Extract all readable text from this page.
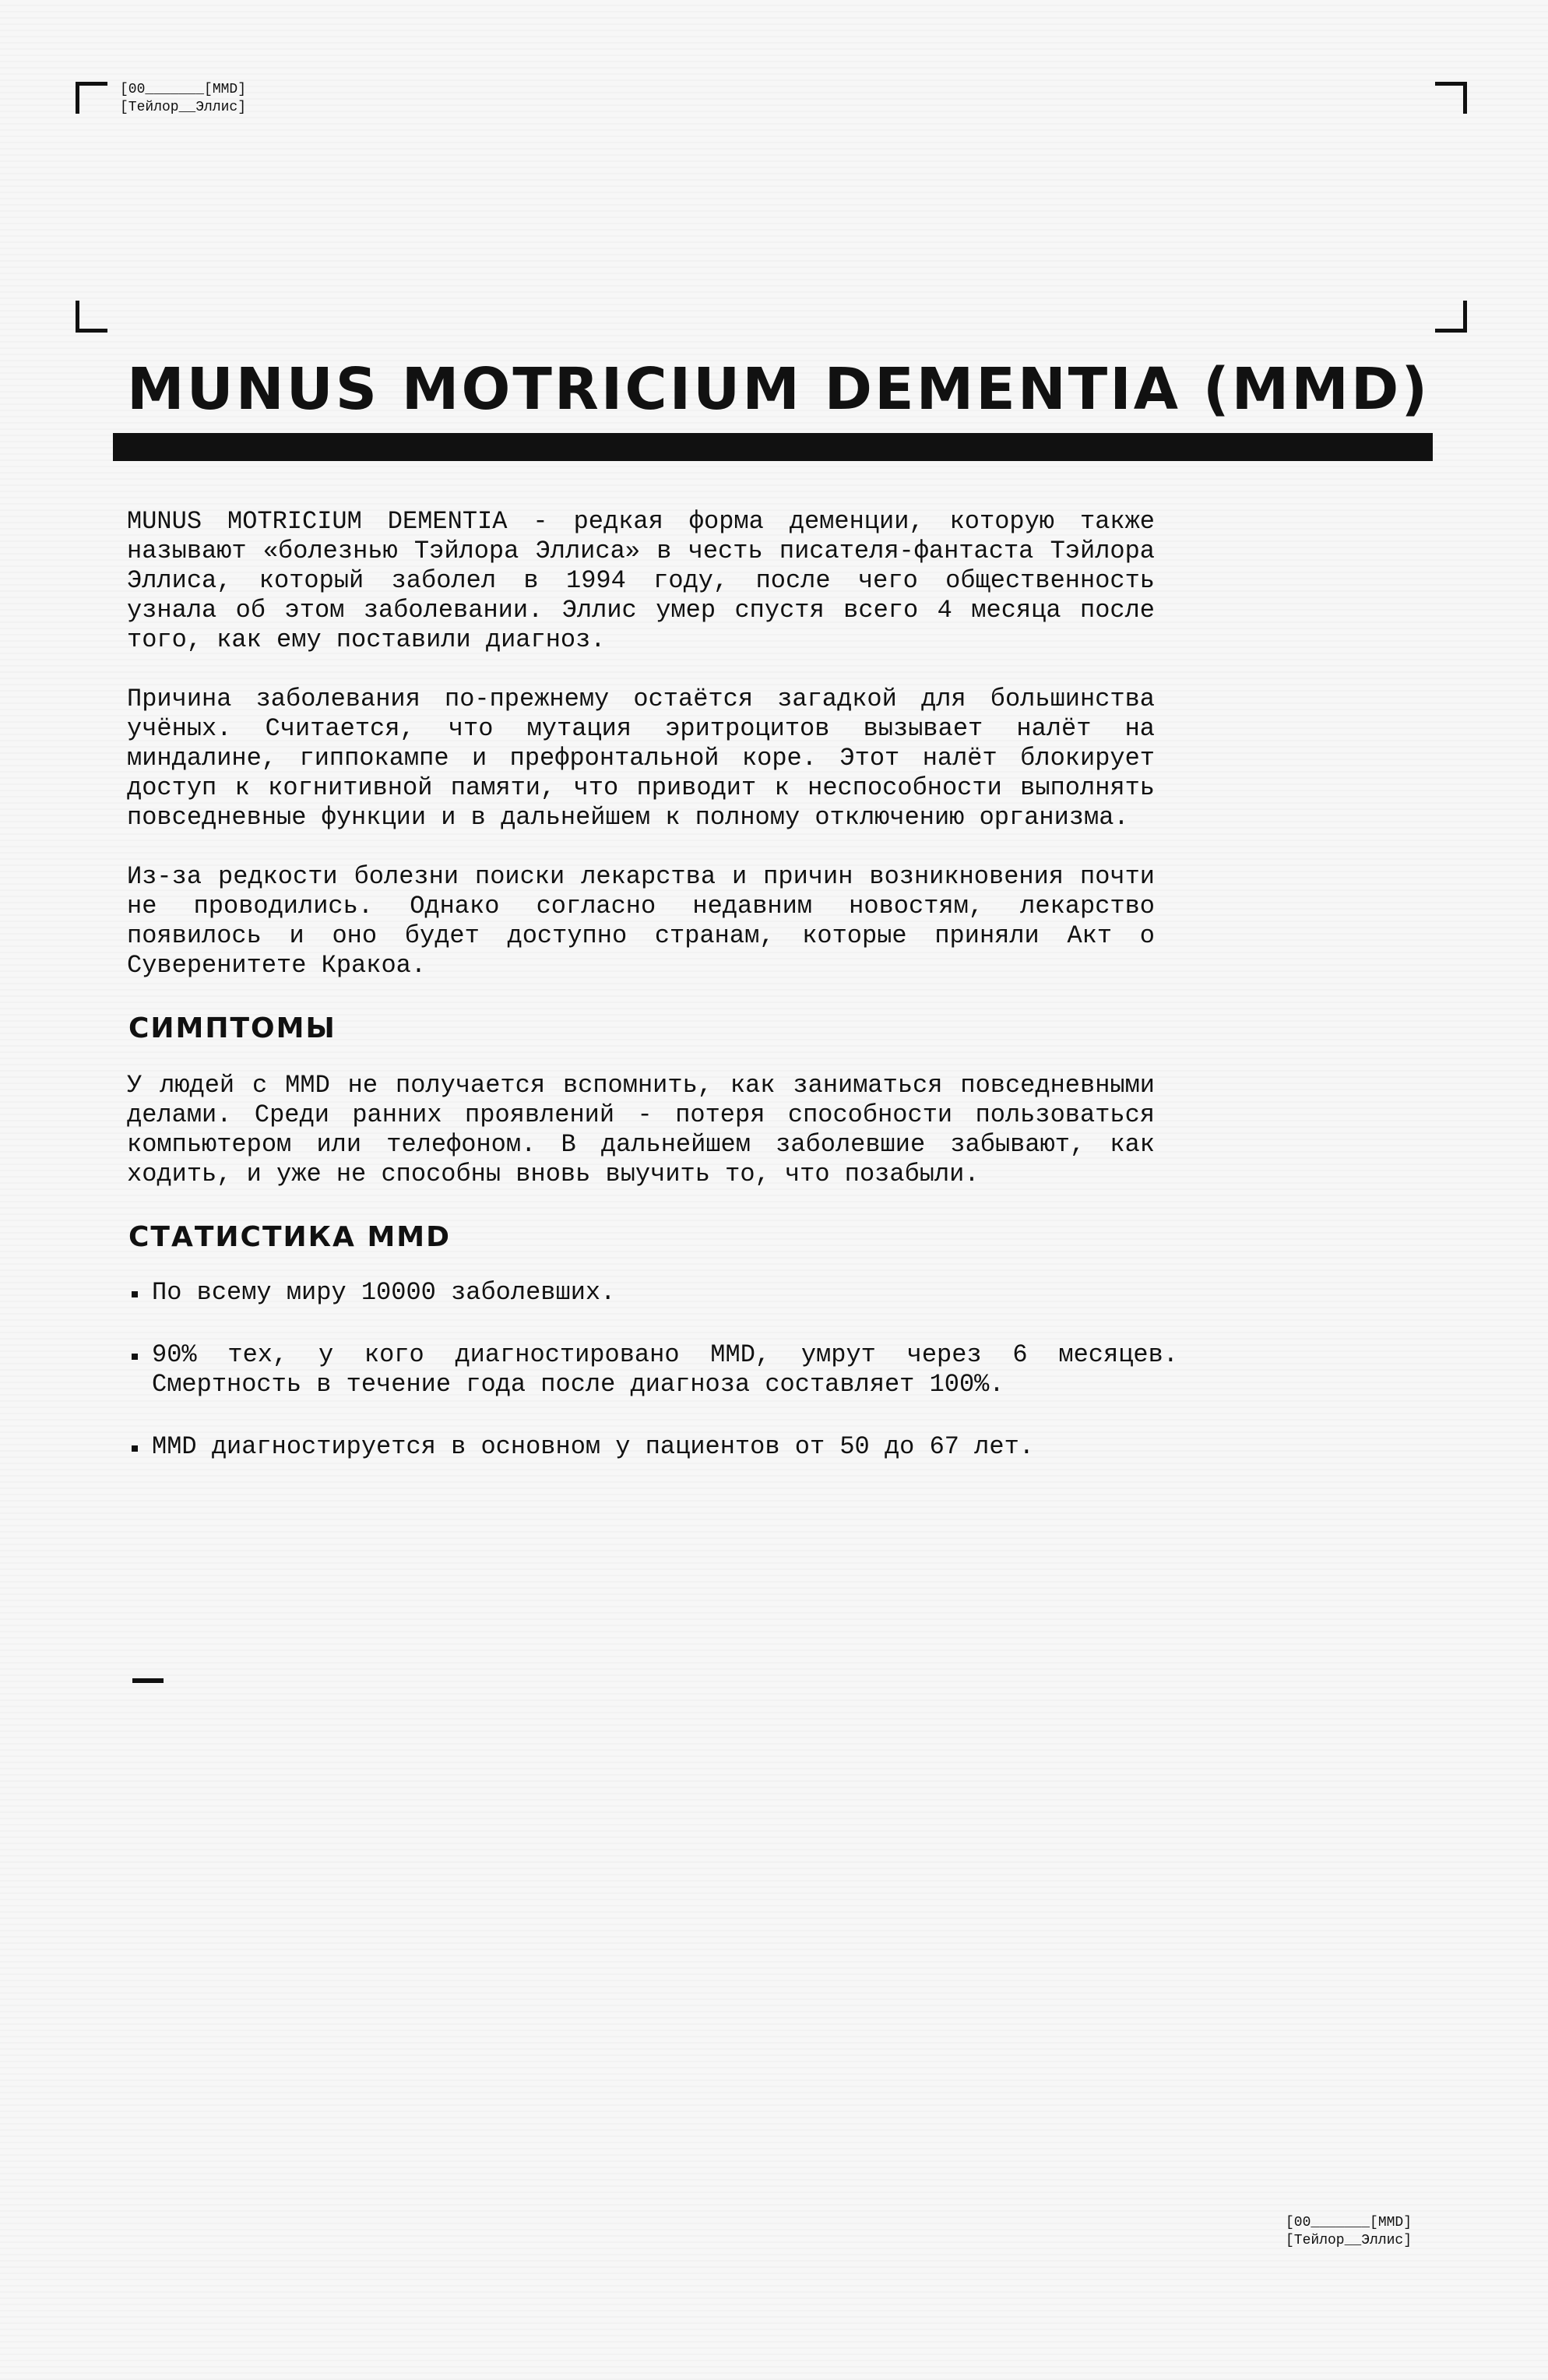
[00_______[MMD]
[Тейлор__Эллис]
MUNUS MOTRICIUM DEMENTIA (MMD)

MUNUS MOTRICIUM DEMENTIA - редкая форма деменции, которую также называют «болезнью Тэйлора Эллиса» в честь писателя-фантаста Тэйлора Эллиса, который заболел в 1994 году, после чего общественность узнала об этом заболевании. Эллис умер спустя всего 4 месяца после того, как ему поставили диагноз.

Причина заболевания по-прежнему остаётся загадкой для большинства учёных. Считается, что мутация эритроцитов вызывает налёт на миндалине, гиппокампе и префронтальной коре. Этот налёт блокирует доступ к когнитивной памяти, что приводит к неспособности выполнять повседневные функции и в дальнейшем к полному отключению организма.

Из-за редкости болезни поиски лекарства и причин возникновения почти не проводились. Однако согласно недавним новостям, лекарство появилось и оно будет доступно странам, которые приняли Акт о Суверенитете Кракоа.

СИМПТОМЫ

У людей с MMD не получается вспомнить, как заниматься повседневными делами. Среди ранних проявлений - потеря способности пользоваться компьютером или телефоном. В дальнейшем заболевшие забывают, как ходить, и уже не способны вновь выучить то, что позабыли.

СТАТИСТИКА MMD
По всему миру 10000 заболевших.
90% тех, у кого диагностировано MMD, умрут через 6 месяцев. Смертность в течение года после диагноза составляет 100%.
MMD диагностируется в основном у пациентов от 50 до 67 лет.
[00_______[MMD]
[Тейлор__Эллис]
